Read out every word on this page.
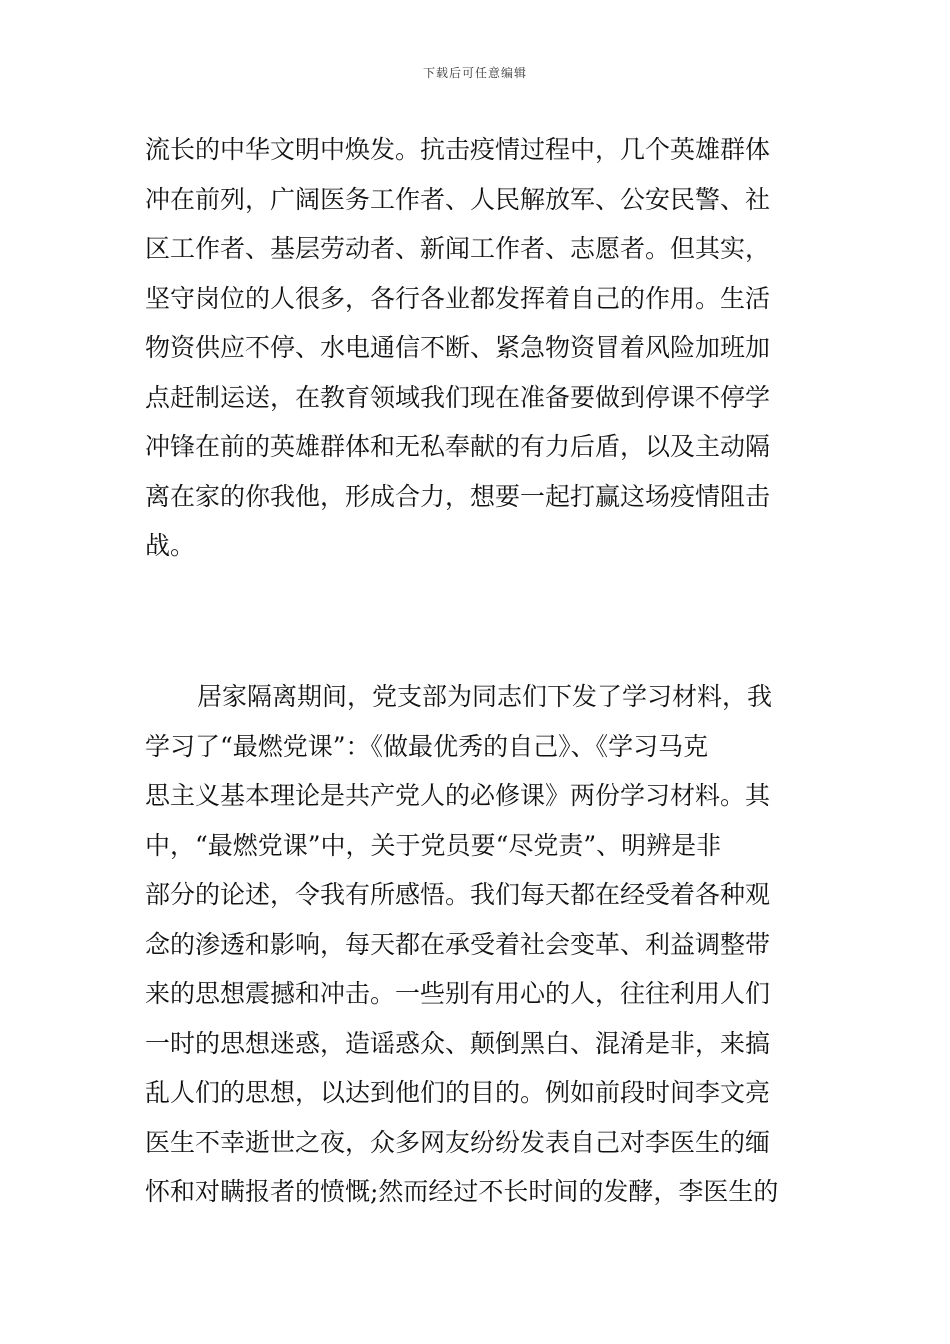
下载后可任意编辑
流长的中华文明中焕发。抗击疫情过程中，几个英雄群体
冲在前列，广阔医务工作者、人民解放军、公安民警、社
区工作者、基层劳动者、新闻工作者、志愿者。但其实，
坚守岗位的人很多，各行各业都发挥着自己的作用。生活
物资供应不停、水电通信不断、紧急物资冒着风险加班加
点赶制运送，在教育领域我们现在准备要做到停课不停学
冲锋在前的英雄群体和无私奉献的有力后盾，以及主动隔
离在家的你我他，形成合力，想要一起打赢这场疫情阻击
战。
居家隔离期间，党支部为同志们下发了学习材料，我
学习了“最燃党课”：《做最优秀的自己》、《学习马克
思主义基本理论是共产党人的必修课》两份学习材料。其
中，“最燃党课”中，关于党员要“尽党责”、明辨是非
部分的论述，令我有所感悟。我们每天都在经受着各种观
念的渗透和影响，每天都在承受着社会变革、利益调整带
来的思想震撼和冲击。一些别有用心的人，往往利用人们
一时的思想迷惑，造谣惑众、颠倒黑白、混淆是非，来搞
乱人们的思想，以达到他们的目的。例如前段时间李文亮
医生不幸逝世之夜，众多网友纷纷发表自己对李医生的缅
怀和对瞒报者的愤慨;然而经过不长时间的发酵，李医生的
